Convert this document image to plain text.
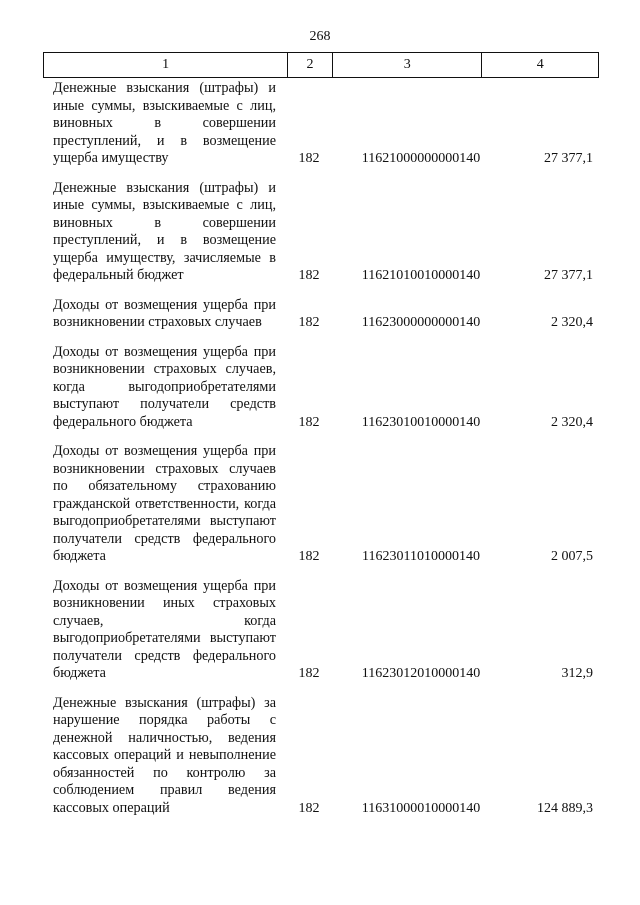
268
1	2	3	4
Денежные взыскания (штрафы) и иные суммы, взыскиваемые с лиц, виновных в совершении преступлений, и в возмещение ущерба имуществу	182	11621000000000140	27 377,1
Денежные взыскания (штрафы) и иные суммы, взыскиваемые с лиц, виновных в совершении преступлений, и в возмещение ущерба имуществу, зачисляемые в федеральный бюджет	182	11621010010000140	27 377,1
Доходы от возмещения ущерба при возникновении страховых случаев	182	11623000000000140	2 320,4
Доходы от возмещения ущерба при возникновении страховых случаев, когда выгодоприобретателями выступают получатели средств федерального бюджета	182	11623010010000140	2 320,4
Доходы от возмещения ущерба при возникновении страховых случаев по обязательному страхованию гражданской ответственности, когда выгодоприобретателями выступают получатели средств федерального бюджета	182	11623011010000140	2 007,5
Доходы от возмещения ущерба при возникновении иных страховых случаев, когда выгодоприобретателями выступают получатели средств федерального бюджета	182	11623012010000140	312,9
Денежные взыскания (штрафы) за нарушение порядка работы с денежной наличностью, ведения кассовых операций и невыполнение обязанностей по контролю за соблюдением правил ведения кассовых операций	182	11631000010000140	124 889,3
